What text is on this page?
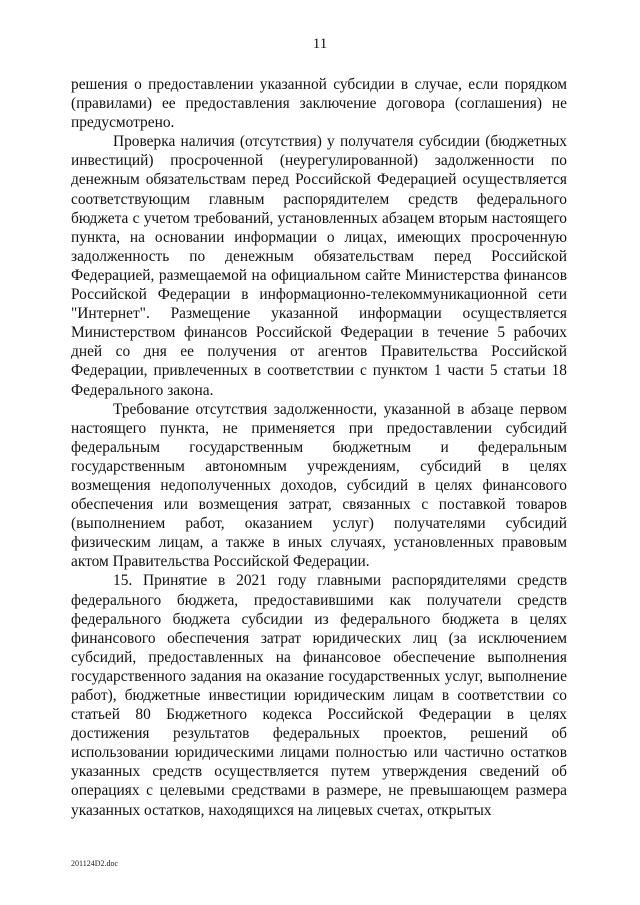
11

решения о предоставлении указанной субсидии в случае, если порядком (правилами) ее предоставления заключение договора (соглашения) не предусмотрено.

Проверка наличия (отсутствия) у получателя субсидии (бюджетных инвестиций) просроченной (неурегулированной) задолженности по денежным обязательствам перед Российской Федерацией осуществляется соответствующим главным распорядителем средств федерального бюджета с учетом требований, установленных абзацем вторым настоящего пункта, на основании информации о лицах, имеющих просроченную задолженность по денежным обязательствам перед Российской Федерацией, размещаемой на официальном сайте Министерства финансов Российской Федерации в информационно-телекоммуникационной сети "Интернет". Размещение указанной информации осуществляется Министерством финансов Российской Федерации в течение 5 рабочих дней со дня ее получения от агентов Правительства Российской Федерации, привлеченных в соответствии с пунктом 1 части 5 статьи 18 Федерального закона.

Требование отсутствия задолженности, указанной в абзаце первом настоящего пункта, не применяется при предоставлении субсидий федеральным государственным бюджетным и федеральным государственным автономным учреждениям, субсидий в целях возмещения недополученных доходов, субсидий в целях финансового обеспечения или возмещения затрат, связанных с поставкой товаров (выполнением работ, оказанием услуг) получателями субсидий физическим лицам, а также в иных случаях, установленных правовым актом Правительства Российской Федерации.

15. Принятие в 2021 году главными распорядителями средств федерального бюджета, предоставившими как получатели средств федерального бюджета субсидии из федерального бюджета в целях финансового обеспечения затрат юридических лиц (за исключением субсидий, предоставленных на финансовое обеспечение выполнения государственного задания на оказание государственных услуг, выполнение работ), бюджетные инвестиции юридическим лицам в соответствии со статьей 80 Бюджетного кодекса Российской Федерации в целях достижения результатов федеральных проектов, решений об использовании юридическими лицами полностью или частично остатков указанных средств осуществляется путем утверждения сведений об операциях с целевыми средствами в размере, не превышающем размера указанных остатков, находящихся на лицевых счетах, открытых

201124D2.doc
